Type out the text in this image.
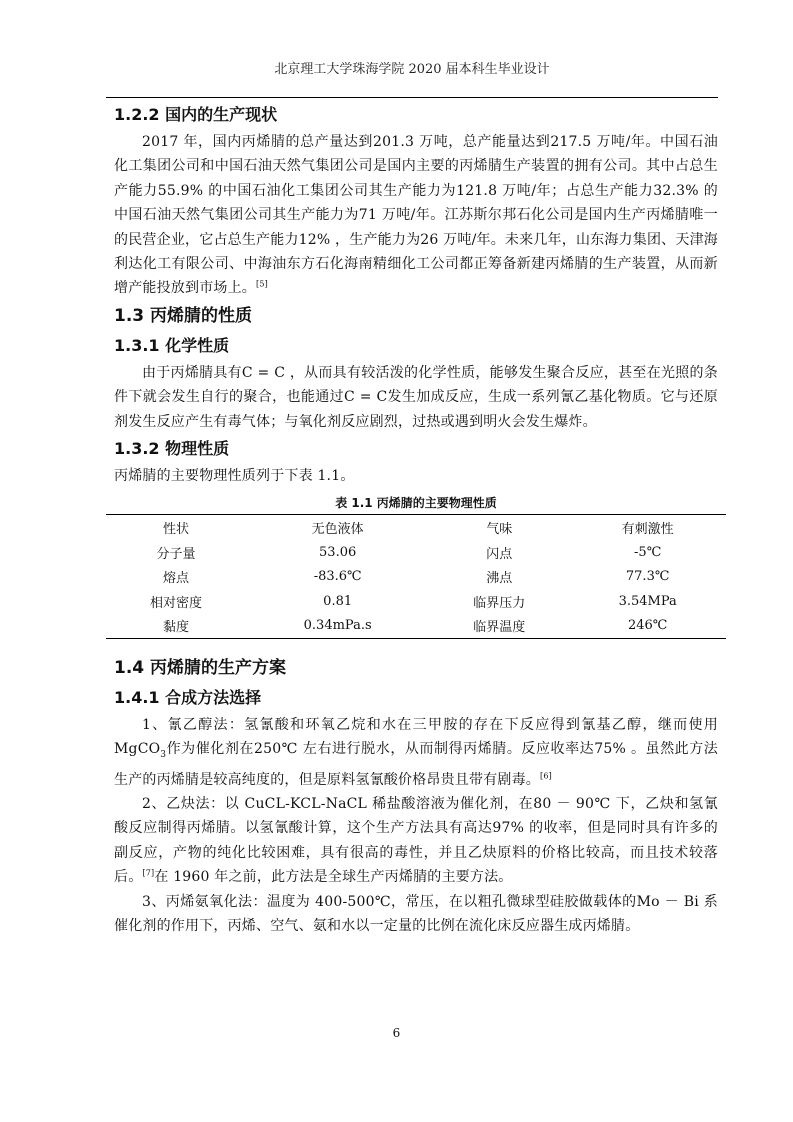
北京理工大学珠海学院 2020 届本科生毕业设计
1.2.2 国内的生产现状

2017 年，国内丙烯腈的总产量达到201.3 万吨，总产能量达到217.5 万吨/年。中国石油化工集团公司和中国石油天然气集团公司是国内主要的丙烯腈生产装置的拥有公司。其中占总生产能力55.9% 的中国石油化工集团公司其生产能力为121.8 万吨/年；占总生产能力32.3% 的中国石油天然气集团公司其生产能力为71 万吨/年。江苏斯尔邦石化公司是国内生产丙烯腈唯一的民营企业，它占总生产能力12% ，生产能力为26 万吨/年。未来几年，山东海力集团、天津海利达化工有限公司、中海油东方石化海南精细化工公司都正筹备新建丙烯腈的生产装置，从而新增产能投放到市场上。[5]

1.3 丙烯腈的性质
1.3.1 化学性质

由于丙烯腈具有C = C ，从而具有较活泼的化学性质，能够发生聚合反应，甚至在光照的条件下就会发生自行的聚合，也能通过C = C发生加成反应，生成一系列氰乙基化物质。它与还原剂发生反应产生有毒气体；与氧化剂反应剧烈，过热或遇到明火会发生爆炸。

1.3.2 物理性质

丙烯腈的主要物理性质列于下表 1.1。

表 1.1 丙烯腈的主要物理性质
性状	无色液体	气味	有刺激性
分子量	53.06	闪点	-5℃
熔点	-83.6℃	沸点	77.3℃
相对密度	0.81	临界压力	3.54MPa
黏度	0.34mPa.s	临界温度	246℃
1.4 丙烯腈的生产方案
1.4.1 合成方法选择

1、氰乙醇法：氢氰酸和环氧乙烷和水在三甲胺的存在下反应得到氰基乙醇，继而使用MgCO$_3$作为催化剂在250℃ 左右进行脱水，从而制得丙烯腈。反应收率达75% 。虽然此方法生产的丙烯腈是较高纯度的，但是原料氢氰酸价格昂贵且带有剧毒。[6]

2、乙炔法：以 CuCL-KCL-NaCL 稀盐酸溶液为催化剂，在80 － 90℃ 下，乙炔和氢氰酸反应制得丙烯腈。以氢氰酸计算，这个生产方法具有高达97% 的收率，但是同时具有许多的副反应，产物的纯化比较困难，具有很高的毒性，并且乙炔原料的价格比较高，而且技术较落后。[7]在 1960 年之前，此方法是全球生产丙烯腈的主要方法。

3、丙烯氨氧化法：温度为 400-500℃，常压，在以粗孔微球型硅胶做载体的Mo － Bi 系催化剂的作用下，丙烯、空气、氨和水以一定量的比例在流化床反应器生成丙烯腈。

6
